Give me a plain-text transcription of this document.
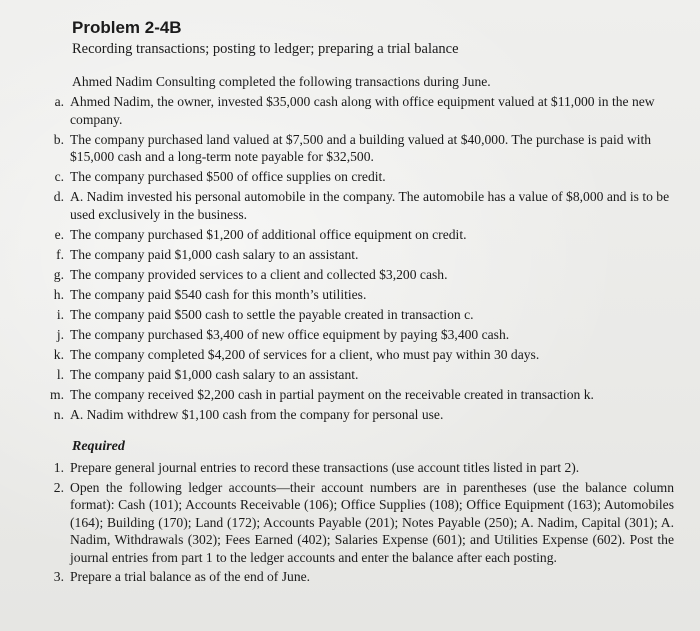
Problem 2-4B
Recording transactions; posting to ledger; preparing a trial balance
Ahmed Nadim Consulting completed the following transactions during June.
a. Ahmed Nadim, the owner, invested $35,000 cash along with office equipment valued at $11,000 in the new company.
b. The company purchased land valued at $7,500 and a building valued at $40,000. The purchase is paid with $15,000 cash and a long-term note payable for $32,500.
c. The company purchased $500 of office supplies on credit.
d. A. Nadim invested his personal automobile in the company. The automobile has a value of $8,000 and is to be used exclusively in the business.
e. The company purchased $1,200 of additional office equipment on credit.
f. The company paid $1,000 cash salary to an assistant.
g. The company provided services to a client and collected $3,200 cash.
h. The company paid $540 cash for this month’s utilities.
i. The company paid $500 cash to settle the payable created in transaction c.
j. The company purchased $3,400 of new office equipment by paying $3,400 cash.
k. The company completed $4,200 of services for a client, who must pay within 30 days.
l. The company paid $1,000 cash salary to an assistant.
m. The company received $2,200 cash in partial payment on the receivable created in transaction k.
n. A. Nadim withdrew $1,100 cash from the company for personal use.
Required
1. Prepare general journal entries to record these transactions (use account titles listed in part 2).
2. Open the following ledger accounts—their account numbers are in parentheses (use the balance column format): Cash (101); Accounts Receivable (106); Office Supplies (108); Office Equipment (163); Automobiles (164); Building (170); Land (172); Accounts Payable (201); Notes Payable (250); A. Nadim, Capital (301); A. Nadim, Withdrawals (302); Fees Earned (402); Salaries Expense (601); and Utilities Expense (602). Post the journal entries from part 1 to the ledger accounts and enter the balance after each posting.
3. Prepare a trial balance as of the end of June.
